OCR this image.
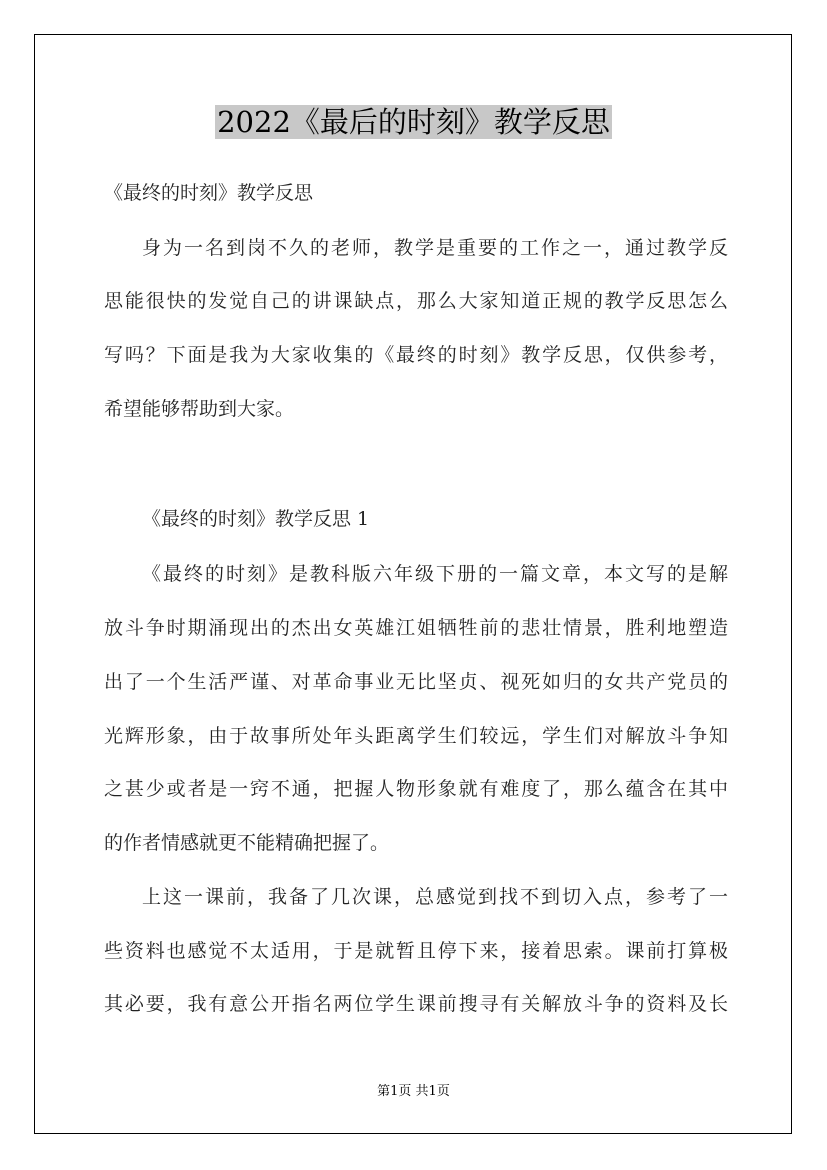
2022《最后的时刻》教学反思

《最终的时刻》教学反思

身为一名到岗不久的老师，教学是重要的工作之一，通过教学反

思能很快的发觉自己的讲课缺点，那么大家知道正规的教学反思怎么

写吗？下面是我为大家收集的《最终的时刻》教学反思，仅供参考，

希望能够帮助到大家。

《最终的时刻》教学反思 1

《最终的时刻》是教科版六年级下册的一篇文章，本文写的是解

放斗争时期涌现出的杰出女英雄江姐牺牲前的悲壮情景，胜利地塑造

出了一个生活严谨、对革命事业无比坚贞、视死如归的女共产党员的

光辉形象，由于故事所处年头距离学生们较远，学生们对解放斗争知

之甚少或者是一窍不通，把握人物形象就有难度了，那么蕴含在其中

的作者情感就更不能精确把握了。

上这一课前，我备了几次课，总感觉到找不到切入点，参考了一

些资料也感觉不太适用，于是就暂且停下来，接着思索。课前打算极

其必要，我有意公开指名两位学生课前搜寻有关解放斗争的资料及长

第1页 共1页
